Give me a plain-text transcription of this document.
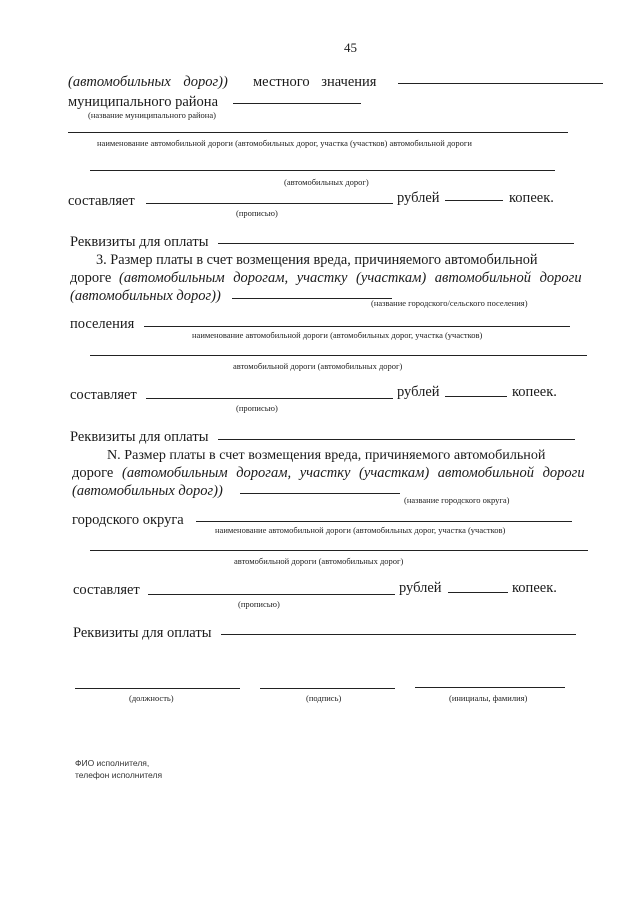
45
(автомобильных дорог)) местного значения
муниципального района
(название муниципального района)
наименование автомобильной дороги (автомобильных дорог, участка (участков) автомобильной дороги
(автомобильных дорог)
составляет	рублей	копеек.
(прописью)
Реквизиты для оплаты
3. Размер платы в счет возмещения вреда, причиняемого автомобильной
дороге (автомобильным дорогам, участку (участкам) автомобильной дороги
(автомобильных дорог))	(название городского/сельского поселения)
поселения
наименование автомобильной дороги (автомобильных дорог, участка (участков)
автомобильной дороги (автомобильных дорог)
составляет	рублей	копеек.
(прописью)
Реквизиты для оплаты
N. Размер платы в счет возмещения вреда, причиняемого автомобильной
дороге (автомобильным дорогам, участку (участкам) автомобильной дороги
(автомобильных дорог))
(название городского округа)
городского округа
наименование автомобильной дороги (автомобильных дорог, участка (участков)
автомобильной дороги (автомобильных дорог)
составляет	рублей	копеек.
(прописью)
Реквизиты для оплаты
(должность)	(подпись)	(инициалы, фамилия)
ФИО исполнителя,
телефон исполнителя
